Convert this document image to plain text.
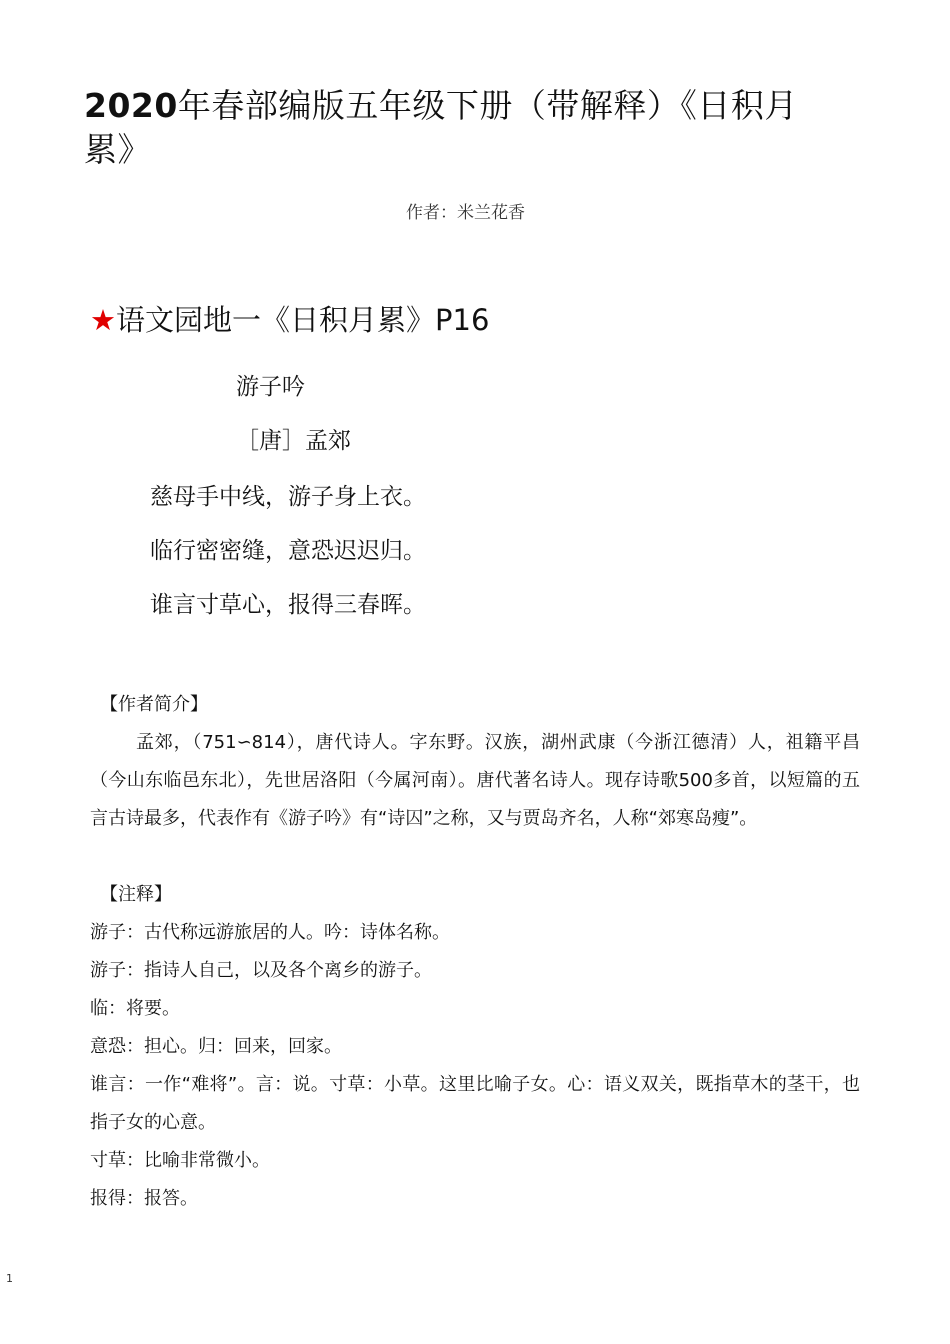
2020年春部编版五年级下册（带解释）《日积月
累》
作者：米兰花香
★语文园地一《日积月累》P16
游子吟
［唐］孟郊
慈母手中线，游子身上衣。
临行密密缝，意恐迟迟归。
谁言寸草心，报得三春晖。
【作者简介】
孟郊，（751∽814），唐代诗人。字东野。汉族，湖州武康（今浙江德清）人，祖籍平昌（今山东临邑东北），先世居洛阳（今属河南）。唐代著名诗人。现存诗歌500多首，以短篇的五言古诗最多，代表作有《游子吟》有“诗囚”之称，又与贾岛齐名，人称“郊寒岛瘦”。
【注释】
游子：古代称远游旅居的人。吟：诗体名称。
游子：指诗人自己，以及各个离乡的游子。
临：将要。
意恐：担心。归：回来，回家。
谁言：一作“难将”。言：说。寸草：小草。这里比喻子女。心：语义双关，既指草木的茎干，也指子女的心意。
寸草：比喻非常微小。
报得：报答。
1
